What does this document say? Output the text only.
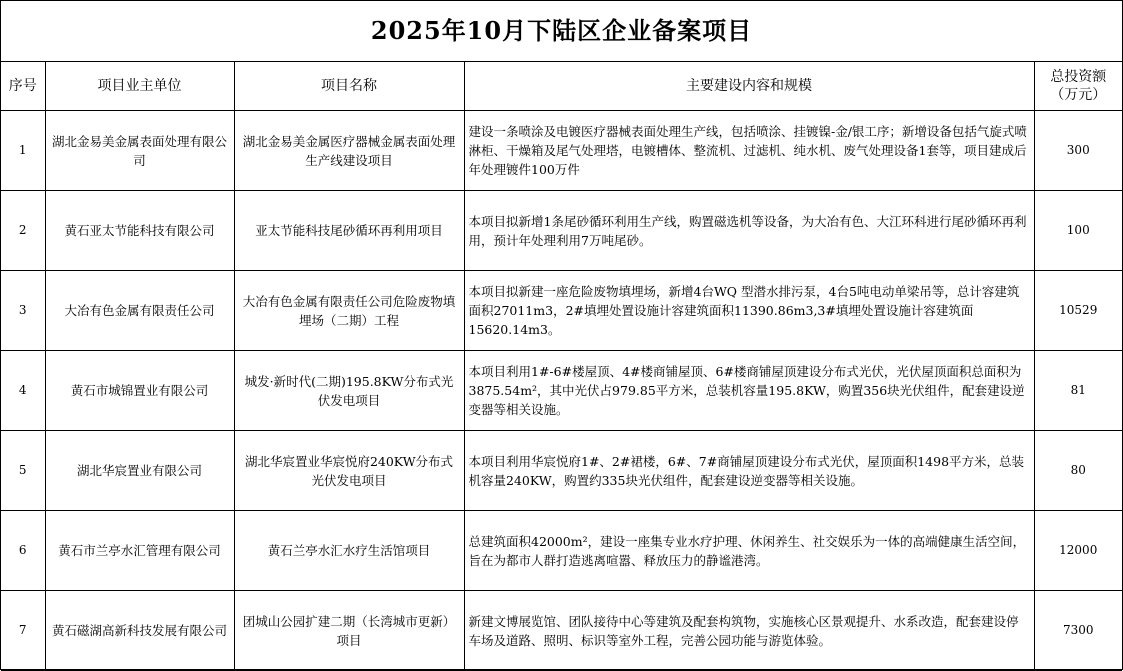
2025年10月下陆区企业备案项目
序号	项目业主单位	项目名称	主要建设内容和规模	总投资额
（万元）
1	湖北金易美金属表面处理有限公司	湖北金易美金属医疗器械金属表面处理生产线建设项目	建设一条喷涂及电镀医疗器械表面处理生产线，包括喷涂、挂镀镍-金/银工序；新增设备包括气旋式喷淋柜、干燥箱及尾气处理塔，电镀槽体、整流机、过滤机、纯水机、废气处理设备1套等，项目建成后年处理镀件100万件	300
2	黄石亚太节能科技有限公司	亚太节能科技尾砂循环再利用项目	本项目拟新增1条尾砂循环利用生产线，购置磁选机等设备，为大冶有色、大江环科进行尾砂循环再利用，预计年处理利用7万吨尾砂。	100
3	大冶有色金属有限责任公司	大冶有色金属有限责任公司危险废物填埋场（二期）工程	本项目拟新建一座危险废物填埋场，新增4台WQ 型潜水排污泵，4台5吨电动单梁吊等，总计容建筑面积27011m3，2#填埋处置设施计容建筑面积11390.86m3,3#填埋处置设施计容建筑面15620.14m3。	10529
4	黄石市城锦置业有限公司	城发·新时代(二期)195.8KW分布式光伏发电项目	本项目利用1#-6#楼屋顶、4#楼商铺屋顶、6#楼商铺屋顶建设分布式光伏，光伏屋顶面积总面积为3875.54m²，其中光伏占979.85平方米，总装机容量195.8KW，购置356块光伏组件，配套建设逆变器等相关设施。	81
5	湖北华宸置业有限公司	湖北华宸置业华宸悦府240KW分布式光伏发电项目	本项目利用华宸悦府1#、2#裙楼，6#、7#商铺屋顶建设分布式光伏，屋顶面积1498平方米，总装机容量240KW，购置约335块光伏组件，配套建设逆变器等相关设施。	80
6	黄石市兰亭水汇管理有限公司	黄石兰亭水汇水疗生活馆项目	总建筑面积42000m²，建设一座集专业水疗护理、休闲养生、社交娱乐为一体的高端健康生活空间，旨在为都市人群打造逃离喧嚣、释放压力的静谧港湾。	12000
7	黄石磁湖高新科技发展有限公司	团城山公园扩建二期（长湾城市更新）项目	新建文博展览馆、团队接待中心等建筑及配套构筑物，实施核心区景观提升、水系改造，配套建设停车场及道路、照明、标识等室外工程，完善公园功能与游览体验。	7300
